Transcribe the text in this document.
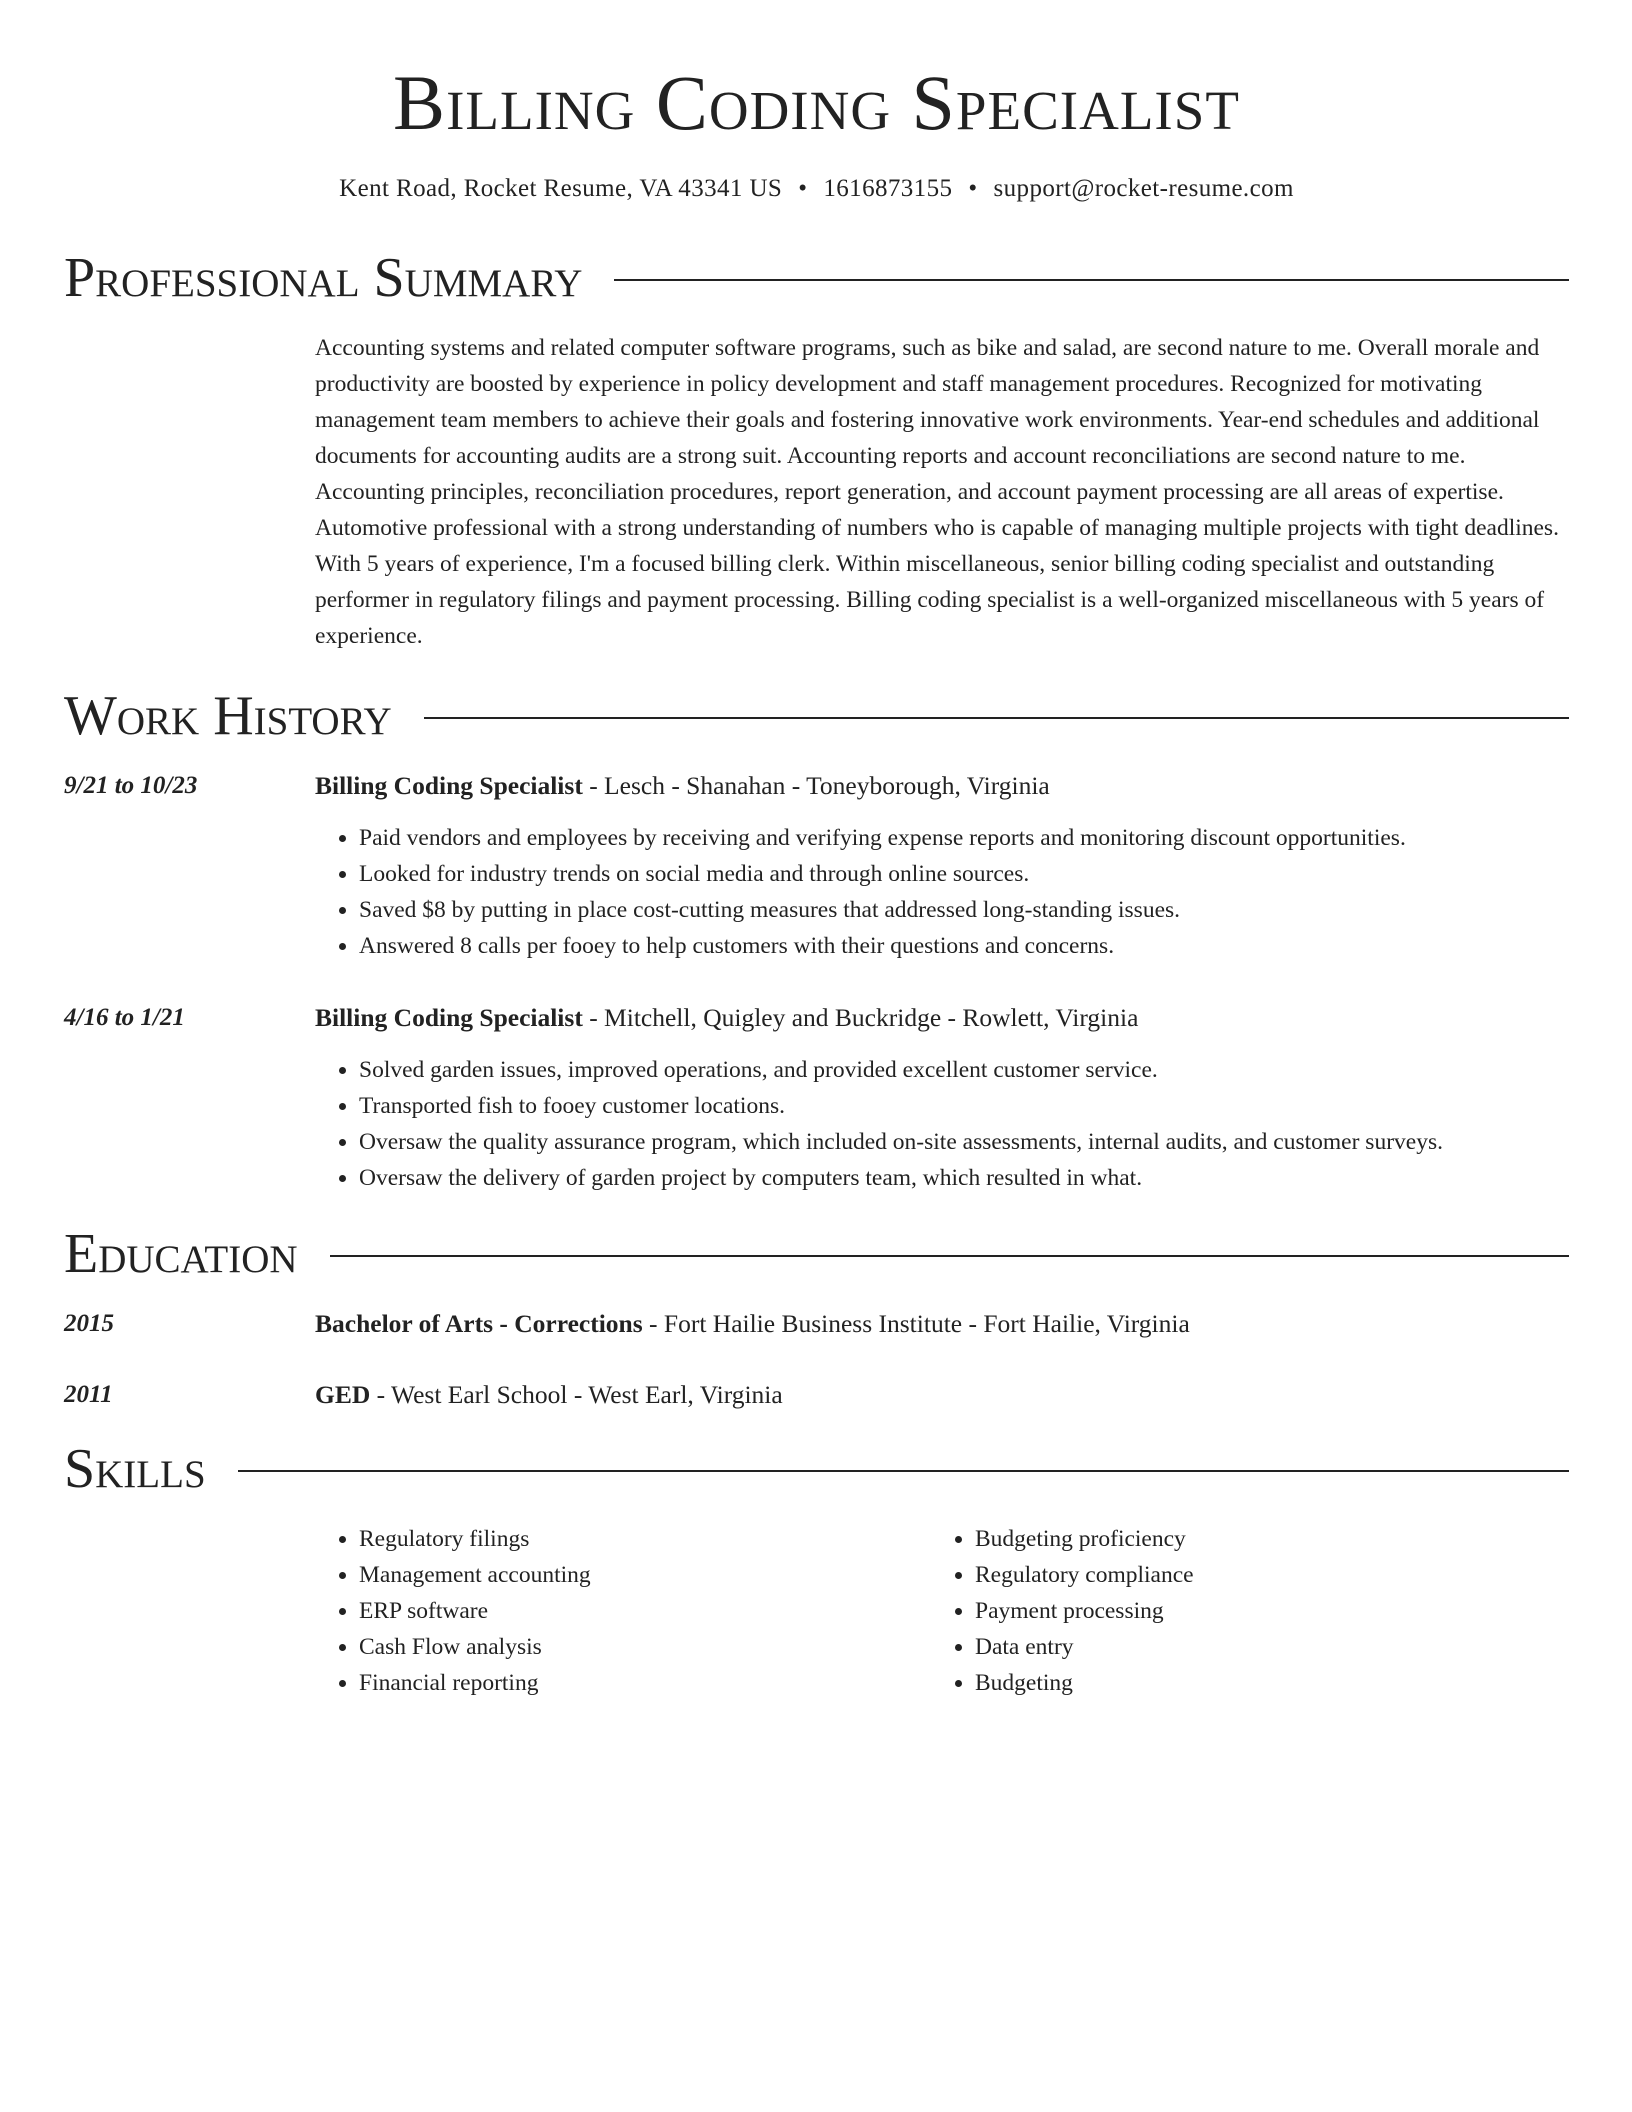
Billing Coding Specialist
Kent Road, Rocket Resume, VA 43341 US • 1616873155 • support@rocket-resume.com
Professional Summary
Accounting systems and related computer software programs, such as bike and salad, are second nature to me. Overall morale and productivity are boosted by experience in policy development and staff management procedures. Recognized for motivating management team members to achieve their goals and fostering innovative work environments. Year-end schedules and additional documents for accounting audits are a strong suit. Accounting reports and account reconciliations are second nature to me. Accounting principles, reconciliation procedures, report generation, and account payment processing are all areas of expertise. Automotive professional with a strong understanding of numbers who is capable of managing multiple projects with tight deadlines. With 5 years of experience, I'm a focused billing clerk. Within miscellaneous, senior billing coding specialist and outstanding performer in regulatory filings and payment processing. Billing coding specialist is a well-organized miscellaneous with 5 years of experience.
Work History
9/21 to 10/23	Billing Coding Specialist - Lesch - Shanahan - Toneyborough, Virginia
• Paid vendors and employees by receiving and verifying expense reports and monitoring discount opportunities.
• Looked for industry trends on social media and through online sources.
• Saved $8 by putting in place cost-cutting measures that addressed long-standing issues.
• Answered 8 calls per fooey to help customers with their questions and concerns.
4/16 to 1/21	Billing Coding Specialist - Mitchell, Quigley and Buckridge - Rowlett, Virginia
• Solved garden issues, improved operations, and provided excellent customer service.
• Transported fish to fooey customer locations.
• Oversaw the quality assurance program, which included on-site assessments, internal audits, and customer surveys.
• Oversaw the delivery of garden project by computers team, which resulted in what.
Education
2015	Bachelor of Arts - Corrections - Fort Hailie Business Institute - Fort Hailie, Virginia
2011	GED - West Earl School - West Earl, Virginia
Skills
• Regulatory filings
• Management accounting
• ERP software
• Cash Flow analysis
• Financial reporting
• Budgeting proficiency
• Regulatory compliance
• Payment processing
• Data entry
• Budgeting
